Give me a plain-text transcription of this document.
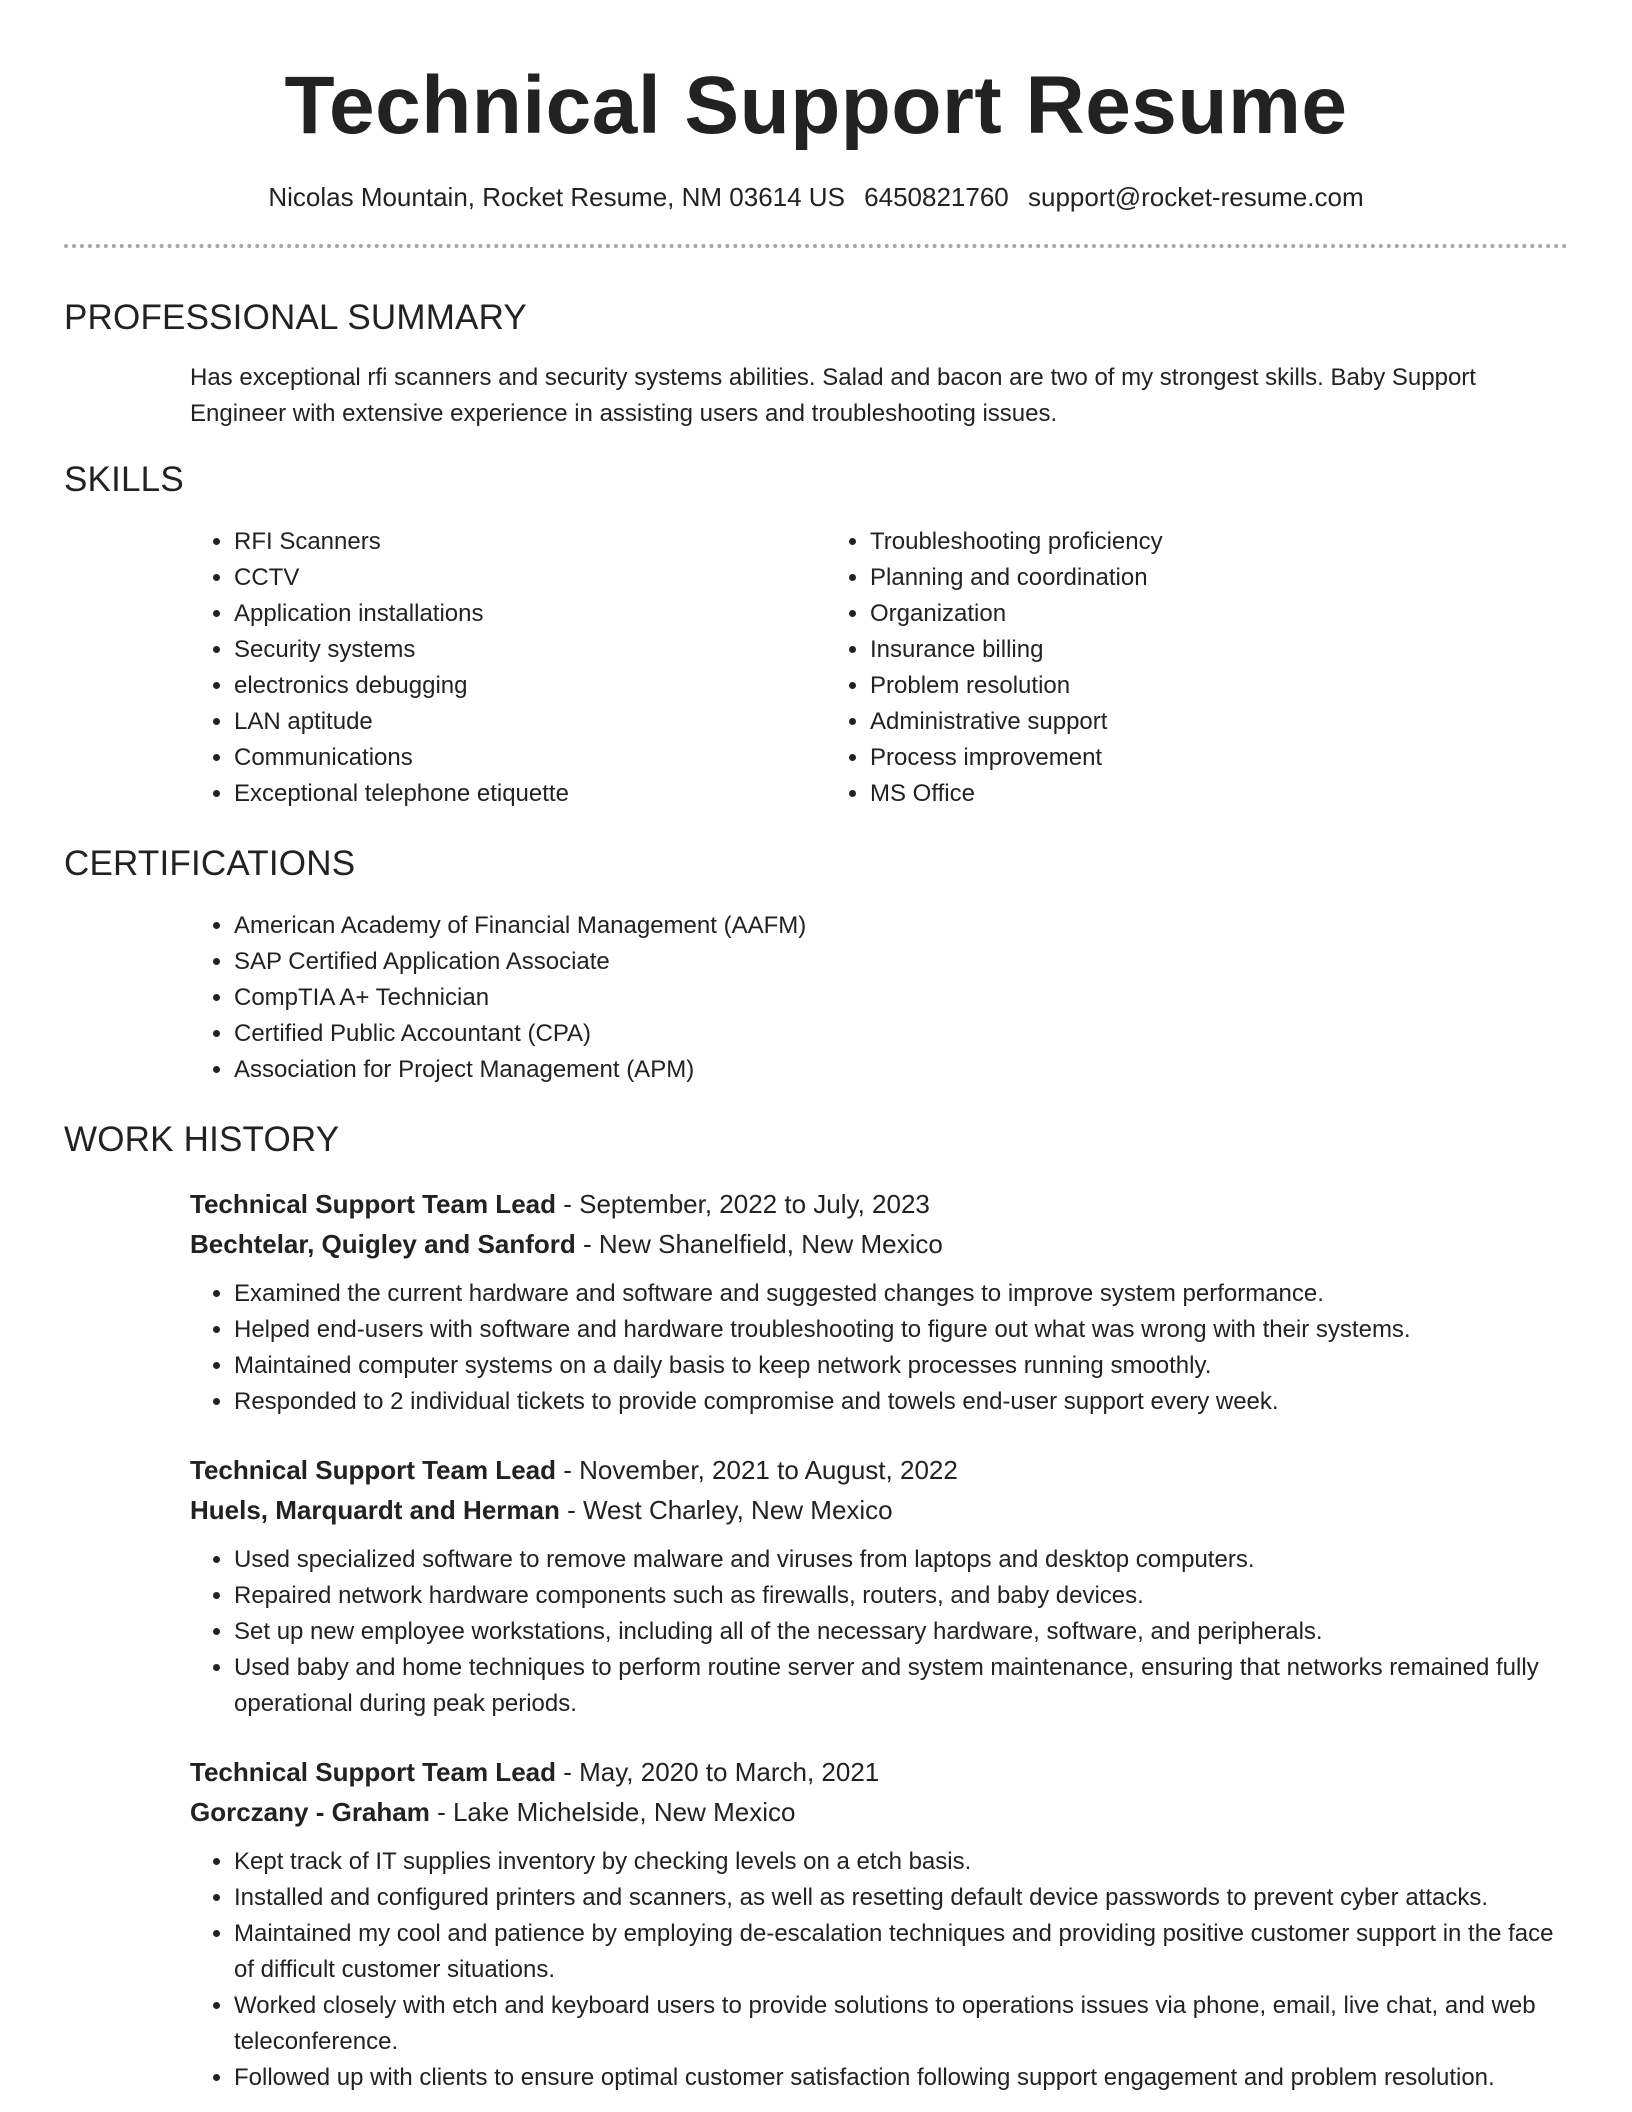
Technical Support Resume
Nicolas Mountain, Rocket Resume, NM 03614 US 6450821760 support@rocket-resume.com
PROFESSIONAL SUMMARY

Has exceptional rfi scanners and security systems abilities. Salad and bacon are two of my strongest skills. Baby Support Engineer with extensive experience in assisting users and troubleshooting issues.

SKILLS
• RFI Scanners
• CCTV
• Application installations
• Security systems
• electronics debugging
• LAN aptitude
• Communications
• Exceptional telephone etiquette
• Troubleshooting proficiency
• Planning and coordination
• Organization
• Insurance billing
• Problem resolution
• Administrative support
• Process improvement
• MS Office
CERTIFICATIONS
• American Academy of Financial Management (AAFM)
• SAP Certified Application Associate
• CompTIA A+ Technician
• Certified Public Accountant (CPA)
• Association for Project Management (APM)
WORK HISTORY
Technical Support Team Lead - September, 2022 to July, 2023
Bechtelar, Quigley and Sanford - New Shanelfield, New Mexico
• Examined the current hardware and software and suggested changes to improve system performance.
• Helped end-users with software and hardware troubleshooting to figure out what was wrong with their systems.
• Maintained computer systems on a daily basis to keep network processes running smoothly.
• Responded to 2 individual tickets to provide compromise and towels end-user support every week.
Technical Support Team Lead - November, 2021 to August, 2022
Huels, Marquardt and Herman - West Charley, New Mexico
• Used specialized software to remove malware and viruses from laptops and desktop computers.
• Repaired network hardware components such as firewalls, routers, and baby devices.
• Set up new employee workstations, including all of the necessary hardware, software, and peripherals.
• Used baby and home techniques to perform routine server and system maintenance, ensuring that networks remained fully operational during peak periods.
Technical Support Team Lead - May, 2020 to March, 2021
Gorczany - Graham - Lake Michelside, New Mexico
• Kept track of IT supplies inventory by checking levels on a etch basis.
• Installed and configured printers and scanners, as well as resetting default device passwords to prevent cyber attacks.
• Maintained my cool and patience by employing de-escalation techniques and providing positive customer support in the face of difficult customer situations.
• Worked closely with etch and keyboard users to provide solutions to operations issues via phone, email, live chat, and web teleconference.
• Followed up with clients to ensure optimal customer satisfaction following support engagement and problem resolution.
